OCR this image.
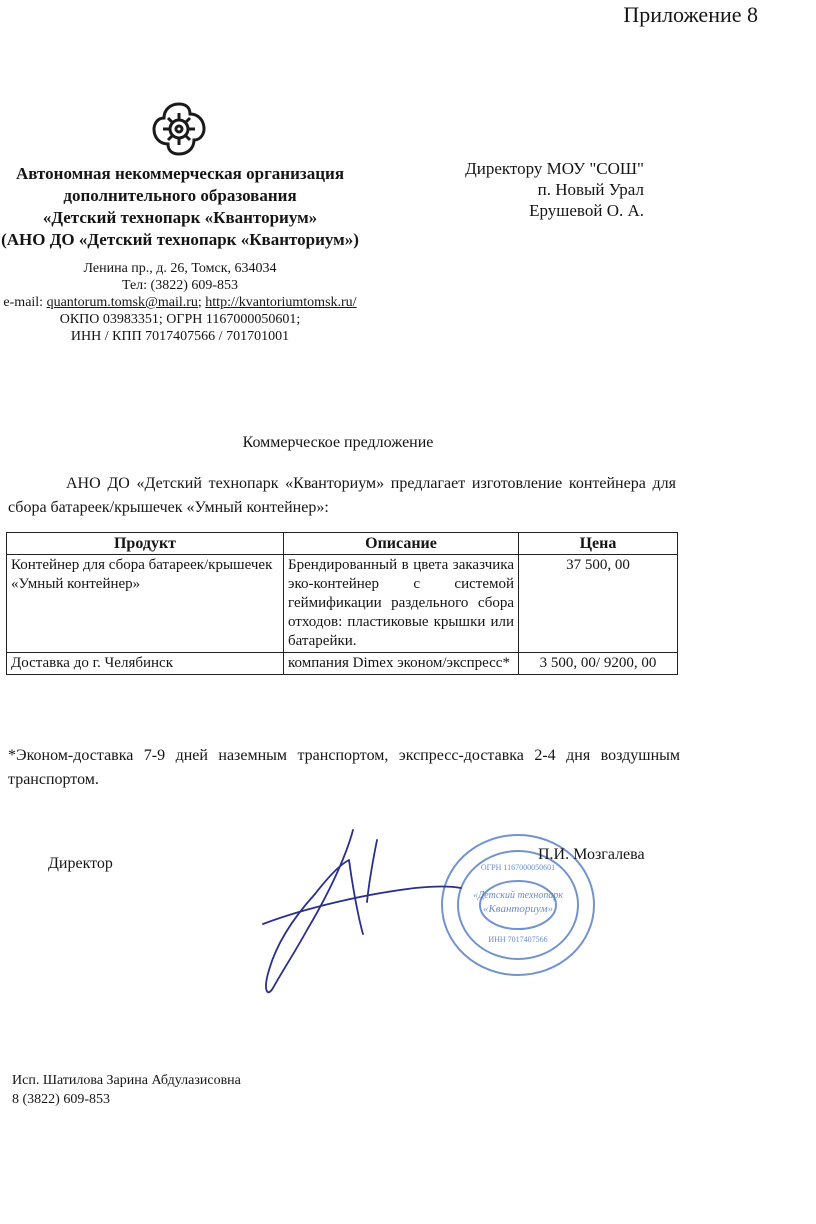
Приложение 8
Автономная некоммерческая организация
дополнительного образования
«Детский технопарк «Кванториум»
(АНО ДО «Детский технопарк «Кванториум»)
Директору МОУ "СОШ"
п. Новый Урал
Ерушевой О. А.
Ленина пр., д. 26, Томск, 634034
Тел: (3822) 609-853
e-mail: quantorum.tomsk@mail.ru; http://kvantoriumtomsk.ru/
ОКПО 03983351; ОГРН 1167000050601;
ИНН / КПП 7017407566 / 701701001
Коммерческое предложение
АНО ДО «Детский технопарк «Кванториум» предлагает изготовление контейнера для сбора батареек/крышечек «Умный контейнер»:
Продукт	Описание	Цена
Контейнер для сбора батареек/крышечек «Умный контейнер»	Брендированный в цвета заказчика эко-контейнер с системой геймификации раздельного сбора отходов: пластиковые крышки или батарейки.	37 500, 00
Доставка до г. Челябинск	компания Dimex эконом/экспресс*	3 500, 00/ 9200, 00
*Эконом-доставка 7-9 дней наземным транспортом, экспресс-доставка 2-4 дня воздушным транспортом.
Директор
«Детский технопарк
«Кванториум»
ИНН 7017407566
ОГРН 1167000050601
П.И. Мозгалева
Исп. Шатилова Зарина Абдулазисовна
8 (3822) 609-853
